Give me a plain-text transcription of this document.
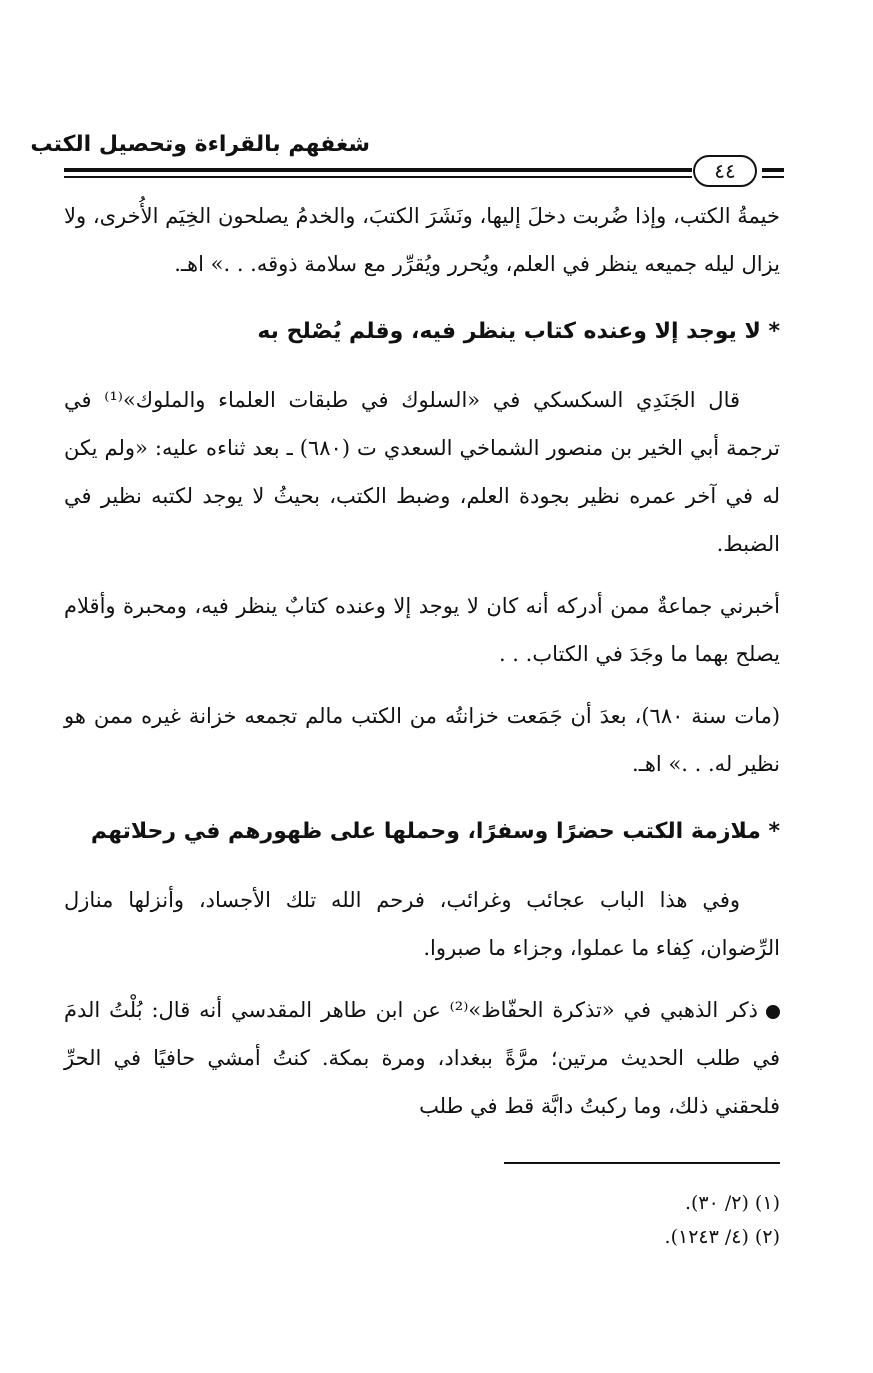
شغفهم بالقراءة وتحصيل الكتب
٤٤

خيمةُ الكتب، وإذا ضُربت دخلَ إليها، ونَشَرَ الكتبَ، والخدمُ يصلحون الخِيَم الأُخرى، ولا يزال ليله جميعه ينظر في العلم، ويُحرر ويُقرِّر مع سلامة ذوقه. . .» اهـ.

* لا يوجد إلا وعنده كتاب ينظر فيه، وقلم يُصْلح به

قال الجَنَدِي السكسكي في «السلوك في طبقات العلماء والملوك»⁽¹⁾ في ترجمة أبي الخير بن منصور الشماخي السعدي ت (٦٨٠) ـ بعد ثناءه عليه: «ولم يكن له في آخر عمره نظير بجودة العلم، وضبط الكتب، بحيثُ لا يوجد لكتبه نظير في الضبط.

أخبرني جماعةٌ ممن أدركه أنه كان لا يوجد إلا وعنده كتابٌ ينظر فيه، ومحبرة وأقلام يصلح بهما ما وجَدَ في الكتاب. . .

(مات سنة ٦٨٠)، بعدَ أن جَمَعت خزانتُه من الكتب مالم تجمعه خزانة غيره ممن هو نظير له. . .» اهـ.

* ملازمة الكتب حضرًا وسفرًا، وحملها على ظهورهم في رحلاتهم

وفي هذا الباب عجائب وغرائب، فرحم الله تلك الأجساد، وأنزلها منازل الرِّضوان، كِفاء ما عملوا، وجزاء ما صبروا.

ذكر الذهبي في «تذكرة الحفّاظ»⁽²⁾ عن ابن طاهر المقدسي أنه قال: بُلْتُ الدمَ في طلب الحديث مرتين؛ مرَّةً ببغداد، ومرة بمكة. كنتُ أمشي حافيًا في الحرِّ فلحقني ذلك، وما ركبتُ دابَّة قط في طلب

(١) (٢/ ٣٠).

(٢) (٤/ ١٢٤٣).
